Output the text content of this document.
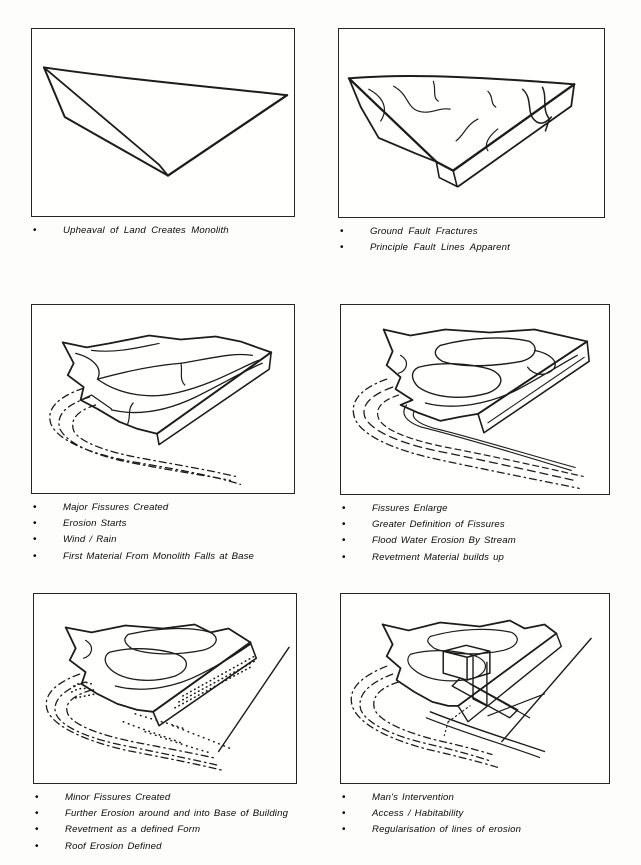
•	Upheaval of Land Creates Monolith	•	Ground Fault Fractures
•	Principle Fault Lines Apparent
•	Major Fissures Created
•	Erosion Starts
•	Wind / Rain
•	First Material From Monolith Falls at Base
•	Fissures Enlarge
•	Greater Definition of Fissures
•	Flood Water Erosion By Stream
•	Revetment Material builds up
•	Minor Fissures Created
•	Further Erosion around and into Base of Building
•	Revetment as a defined Form
•	Roof Erosion Defined
•	Man's Intervention
•	Access / Habitability
•	Regularisation of lines of erosion
